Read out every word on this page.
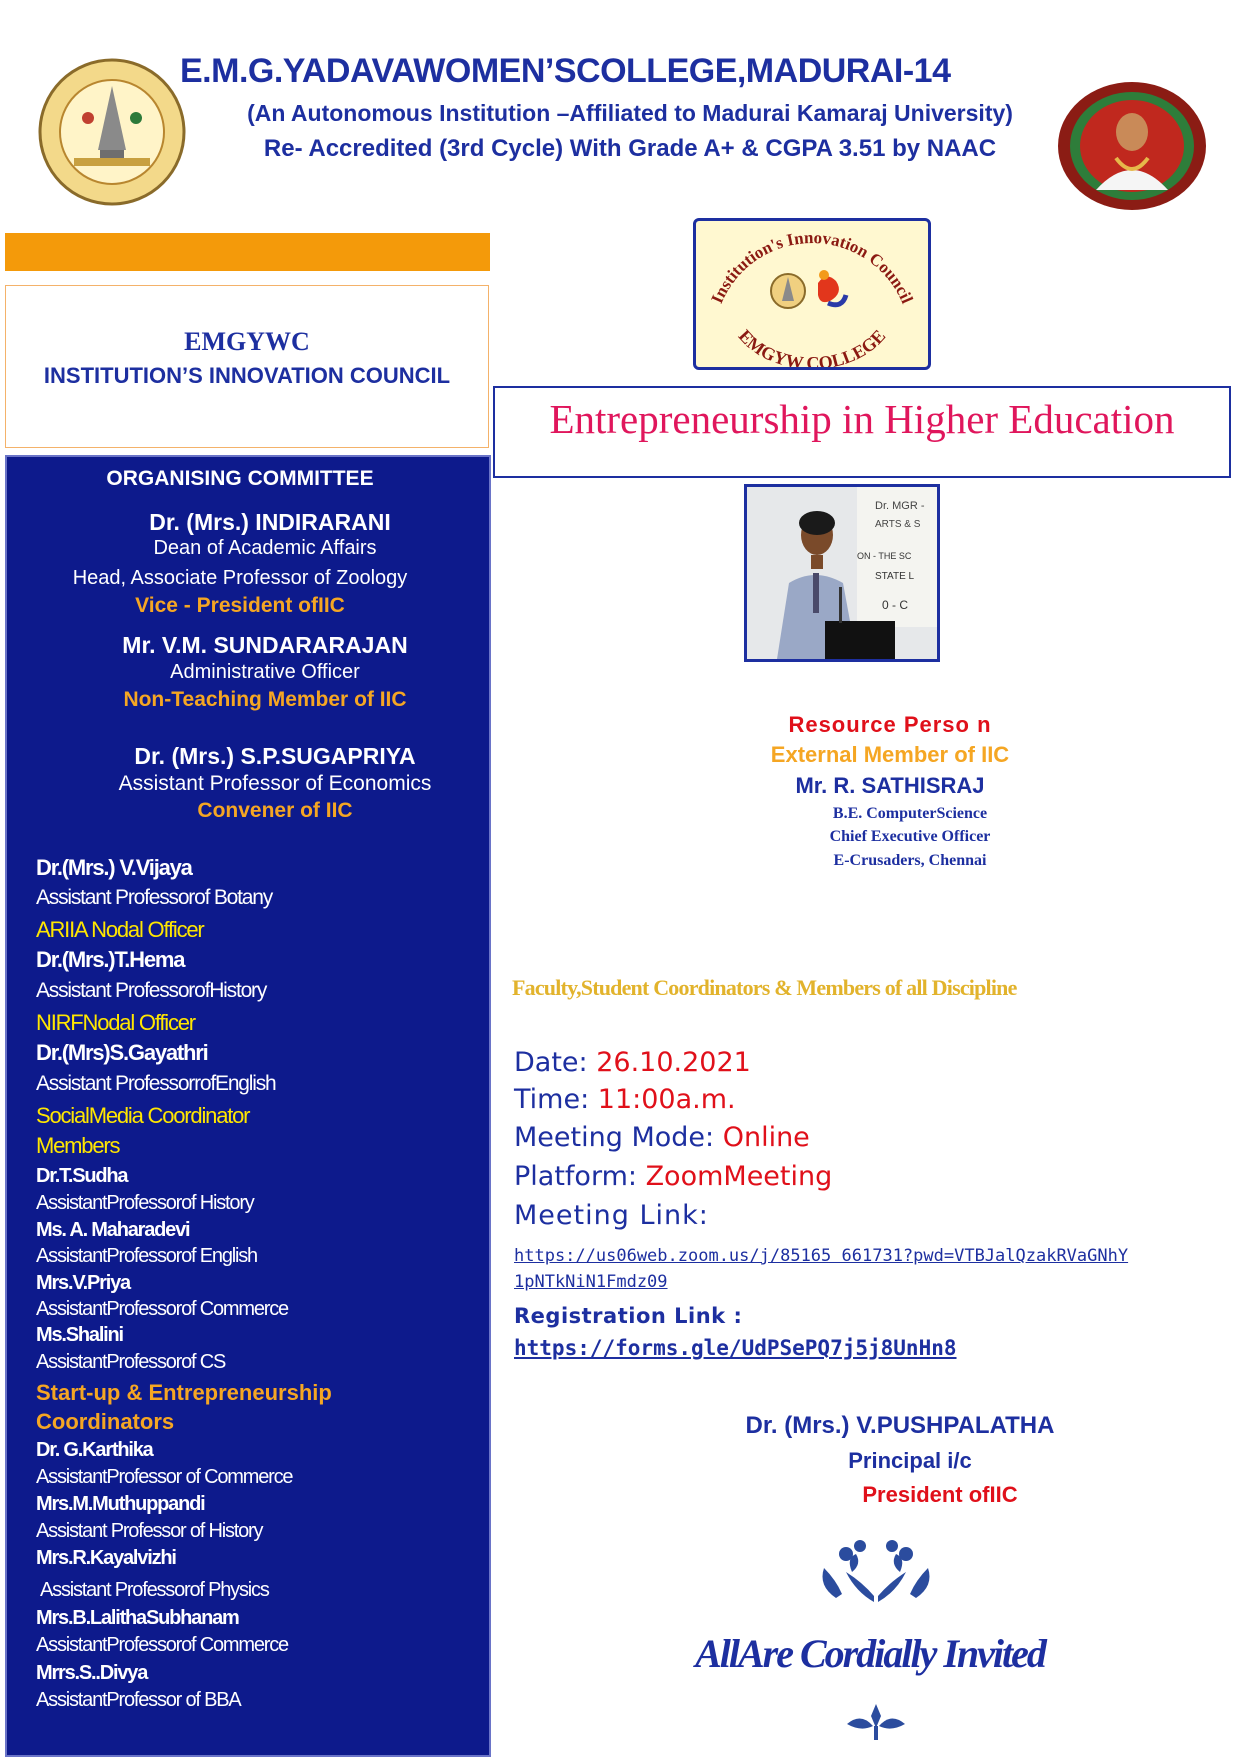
E.M.G.YADAVAWOMEN’SCOLLEGE,MADURAI-14
(An Autonomous Institution –Affiliated to Madurai Kamaraj University)
Re- Accredited (3rd Cycle) With Grade A+ & CGPA 3.51 by NAAC
EMGYWC
INSTITUTION’S INNOVATION COUNCIL
ORGANISING COMMITTEE
Dr. (Mrs.) INDIRARANI
Dean of Academic Affairs
Head, Associate Professor of Zoology
Vice - President ofIIC
Mr. V.M. SUNDARARAJAN
Administrative Officer
Non-Teaching Member of IIC
Dr. (Mrs.) S.P.SUGAPRIYA
Assistant Professor of Economics
Convener of IIC
Dr.(Mrs.) V.Vijaya
Assistant Professorof Botany
ARIIA Nodal Officer
Dr.(Mrs.)T.Hema
Assistant ProfessorofHistory
NIRFNodal Officer
Dr.(Mrs)S.Gayathri
Assistant ProfessorrofEnglish
SocialMedia Coordinator
Members
Dr.T.Sudha
AssistantProfessorof History
Ms. A. Maharadevi
AssistantProfessorof English
Mrs.V.Priya
AssistantProfessorof Commerce
Ms.Shalini
AssistantProfessorof CS
Start-up & Entrepreneurship
Coordinators
Dr. G.Karthika
AssistantProfessor of Commerce
Mrs.M.Muthuppandi
Assistant Professor of History
Mrs.R.Kayalvizhi
Assistant Professorof Physics
Mrs.B.LalithaSubhanam
AssistantProfessorof Commerce
Mrrs.S..Divya
AssistantProfessor of BBA
Institution's Innovation Council
EMGYW COLLEGE
Entrepreneurship in Higher Education
Dr. MGR -
ARTS & S
ON - THE SC
STATE L
0 - C
Resource Perso n
External Member of IIC
Mr. R. SATHISRAJ
B.E. ComputerScience
Chief Executive Officer
E-Crusaders, Chennai
Faculty,Student Coordinators & Members of all Discipline
Date: 26.10.2021
Time: 11:00a.m.
Meeting Mode: Online
Platform: ZoomMeeting
Meeting Link:
https://us06web.zoom.us/j/85165 661731?pwd=VTBJalQzakRVaGNhY
1pNTkNiN1Fmdz09
Registration Link :
https://forms.gle/UdPSePQ7j5j8UnHn8
Dr. (Mrs.) V.PUSHPALATHA
Principal i/c
President ofIIC
AllAre Cordially Invited
